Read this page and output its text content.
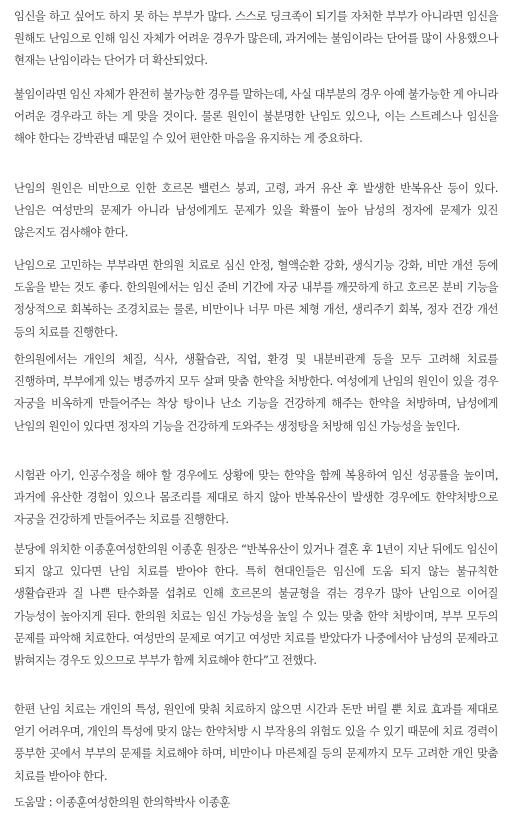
임신을 하고 싶어도 하지 못 하는 부부가 많다. 스스로 딩크족이 되기를 자처한 부부가 아니라면 임신을 원해도 난임으로 인해 임신 자체가 어려운 경우가 많은데, 과거에는 불임이라는 단어를 많이 사용했으나 현재는 난임이라는 단어가 더 확산되었다.

불임이라면 임신 자체가 완전히 불가능한 경우를 말하는데, 사실 대부분의 경우 아예 불가능한 게 아니라 어려운 경우라고 하는 게 맞을 것이다. 물론 원인이 불분명한 난임도 있으나, 이는 스트레스나 임신을 해야 한다는 강박관념 때문일 수 있어 편안한 마음을 유지하는 게 중요하다.

난임의 원인은 비만으로 인한 호르몬 밸런스 붕괴, 고령, 과거 유산 후 발생한 반복유산 등이 있다. 난임은 여성만의 문제가 아니라 남성에게도 문제가 있을 확률이 높아 남성의 정자에 문제가 있진 않은지도 검사해야 한다.

난임으로 고민하는 부부라면 한의원 치료로 심신 안정, 혈액순환 강화, 생식기능 강화, 비만 개선 등에 도움을 받는 것도 좋다. 한의원에서는 임신 준비 기간에 자궁 내부를 깨끗하게 하고 호르몬 분비 기능을 정상적으로 회복하는 조경치료는 물론, 비만이나 너무 마른 체형 개선, 생리주기 회복, 정자 건강 개선 등의 치료를 진행한다.

한의원에서는 개인의 체질, 식사, 생활습관, 직업, 환경 및 내분비관계 등을 모두 고려해 치료를 진행하며, 부부에게 있는 병증까지 모두 살펴 맞춤 한약을 처방한다. 여성에게 난임의 원인이 있을 경우 자궁을 비옥하게 만들어주는 착상 탕이나 난소 기능을 건강하게 해주는 한약을 처방하며, 남성에게 난임의 원인이 있다면 정자의 기능을 건강하게 도와주는 생정탕을 처방해 임신 가능성을 높인다.

시험관 아기, 인공수정을 해야 할 경우에도 상황에 맞는 한약을 함께 복용하여 임신 성공률을 높이며, 과거에 유산한 경험이 있으나 몸조리를 제대로 하지 않아 반복유산이 발생한 경우에도 한약처방으로 자궁을 건강하게 만들어주는 치료를 진행한다.

분당에 위치한 이종훈여성한의원 이종훈 원장은 “반복유산이 있거나 결혼 후 1년이 지난 뒤에도 임신이 되지 않고 있다면 난임 치료를 받아야 한다. 특히 현대인들은 임신에 도움 되지 않는 불규칙한 생활습관과 질 나쁜 탄수화물 섭취로 인해 호르몬의 불균형을 겪는 경우가 많아 난임으로 이어질 가능성이 높아지게 된다. 한의원 치료는 임신 가능성을 높일 수 있는 맞춤 한약 처방이며, 부부 모두의 문제를 파악해 치료한다. 여성만의 문제로 여기고 여성만 치료를 받았다가 나중에서야 남성의 문제라고 밝혀지는 경우도 있으므로 부부가 함께 치료해야 한다”고 전했다.

한편 난임 치료는 개인의 특성, 원인에 맞춰 치료하지 않으면 시간과 돈만 버릴 뿐 치료 효과를 제대로 얻기 어려우며, 개인의 특성에 맞지 않는 한약처방 시 부작용의 위험도 있을 수 있기 때문에 치료 경력이 풍부한 곳에서 부부의 문제를 치료해야 하며, 비만이나 마른체질 등의 문제까지 모두 고려한 개인 맞춤 치료를 받아야 한다.

도움말 : 이종훈여성한의원 한의학박사 이종훈
